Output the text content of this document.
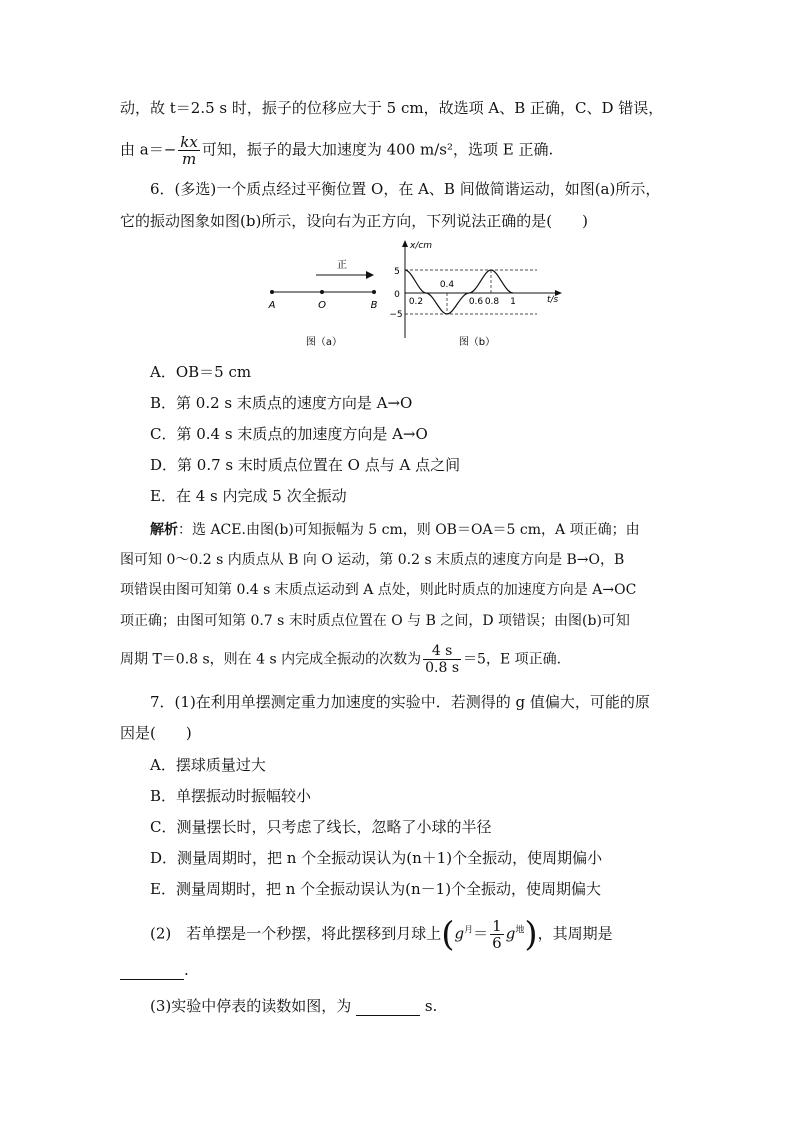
动，故 t＝2.5 s 时，振子的位移应大于 5 cm，故选项 A、B 正确，C、D 错误，
由 $a=- \frac{kx}{m}$ 可知，振子的最大加速度为 400 m/s²，选项 E 正确.
6．(多选)一个质点经过平衡位置 O，在 A、B 间做简谐运动，如图(a)所示，
它的振动图象如图(b)所示，设向右为正方向，下列说法正确的是(　　)
正
A	O	B
图（a）
x/cm
t/s
0
5
−5
0.2
0.4
0.6 0.8 1
图（b）
A．OB＝5 cm
B．第 0.2 s 末质点的速度方向是 A→O
C．第 0.4 s 末质点的加速度方向是 A→O
D．第 0.7 s 末时质点位置在 O 点与 A 点之间
E．在 4 s 内完成 5 次全振动
解析：选 ACE.由图(b)可知振幅为 5 cm，则 OB＝OA＝5 cm，A 项正确；由
图可知 0～0.2 s 内质点从 B 向 O 运动，第 0.2 s 末质点的速度方向是 B→O，B
项错误由图可知第 0.4 s 末质点运动到 A 点处，则此时质点的加速度方向是 A→OC
项正确；由图可知第 0.7 s 末时质点位置在 O 与 B 之间，D 项错误；由图(b)可知
周期 T＝0.8 s，则在 4 s 内完成全振动的次数为 $\frac{4 s}{0.8 s} =5$，E 项正确.
7．(1)在利用单摆测定重力加速度的实验中．若测得的 g 值偏大，可能的原
因是(　　)
A．摆球质量过大
B．单摆振动时振幅较小
C．测量摆长时，只考虑了线长，忽略了小球的半径
D．测量周期时，把 n 个全振动误认为(n＋1)个全振动，使周期偏小
E．测量周期时，把 n 个全振动误认为(n－1)个全振动，使周期偏大
(2)　若单摆是一个秒摆，将此摆移到月球上$(g^月= \frac{1}{6} g^地)$，其周期是
.
(3)实验中停表的读数如图，为	s.
